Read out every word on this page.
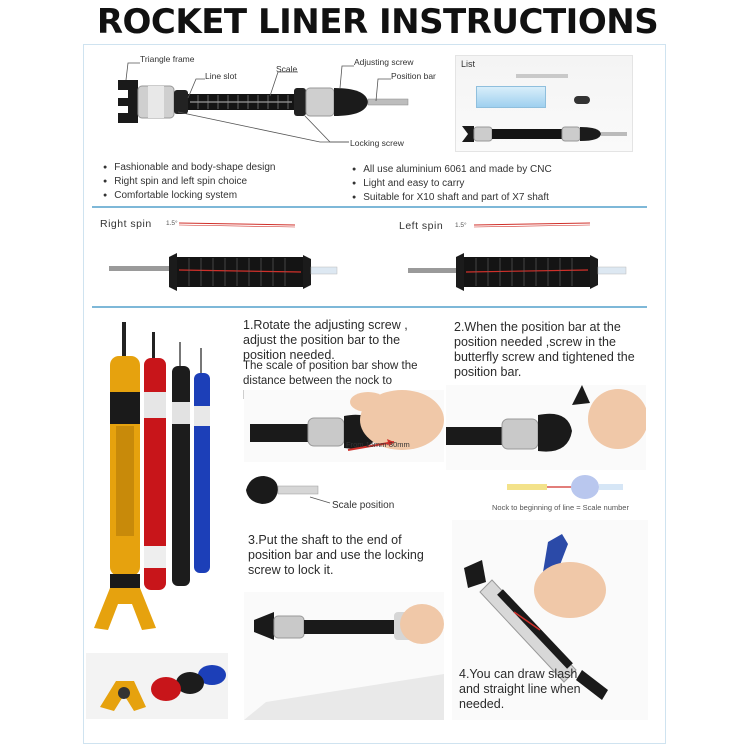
ROCKET LINER INSTRUCTIONS
Triangle frame
Line slot
Scale
Adjusting screw
Position bar
Locking screw
List
● Fashionable and body-shape design
● Right spin and left spin choice
● Comfortable locking system
● All use aluminium 6061 and made by CNC
● Light and easy to carry
● Suitable for X10 shaft and part of X7 shaft
Right spin 1.5°	Left spin 1.5°
1.Rotate the adjusting screw , adjust the position bar to the position needed.
The scale of position bar show the distance between the nock to
From 15mm-30mm
Scale position
2.When the position bar at the position needed ,screw in the butterfly screw and tightened the position bar.
Nock to beginning of line = Scale number
3.Put the shaft to the end of position bar and use the locking screw to lock it.
4.You can draw slash and straight line when needed.
